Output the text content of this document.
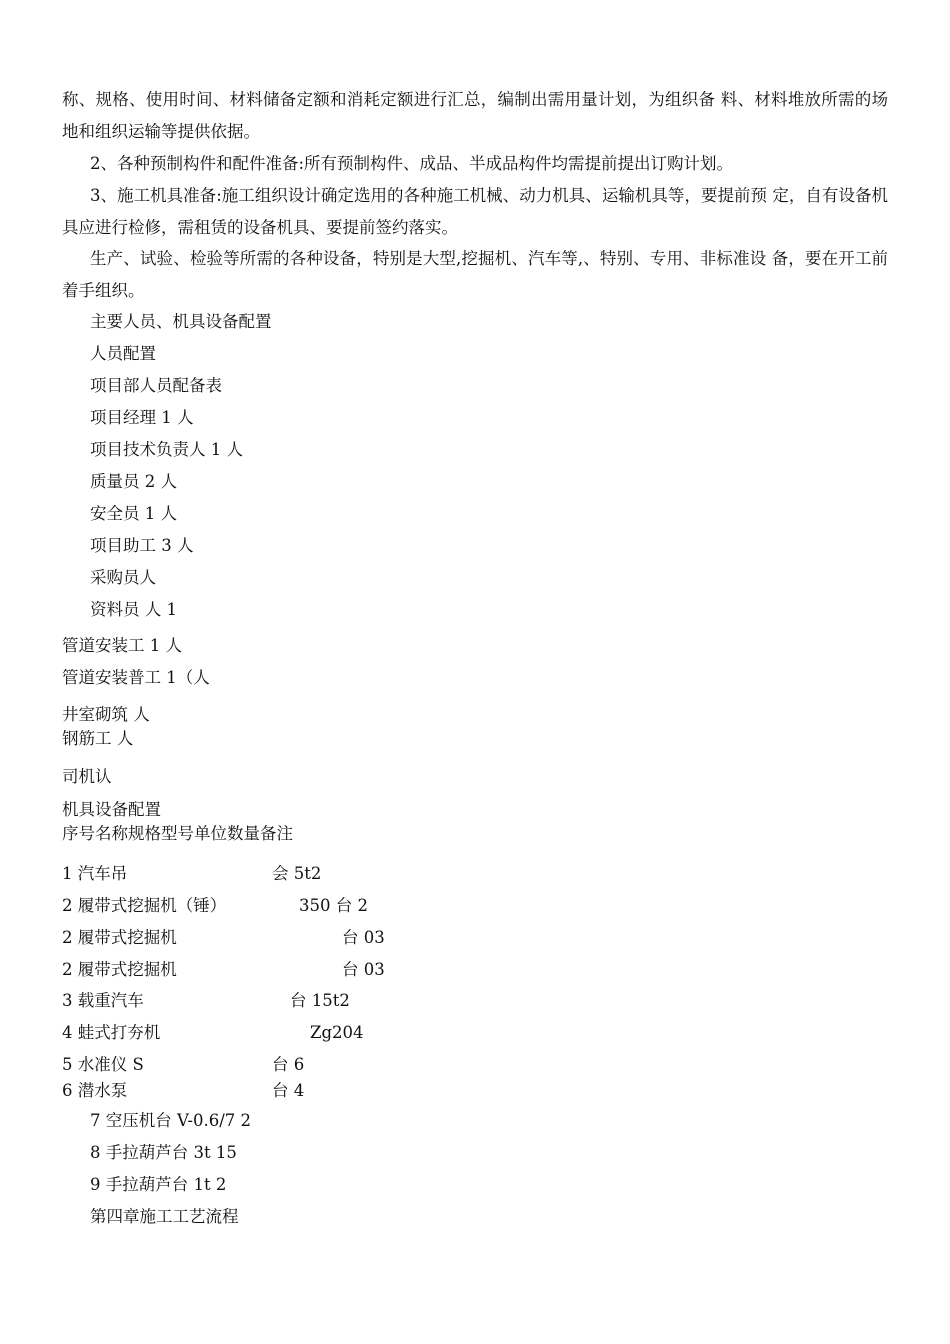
称、规格、使用时间、材料储备定额和消耗定额进行汇总，编制出需用量计划，为组织备 料、材料堆放所需的场地和组织运输等提供依据。
2、各种预制构件和配件准备:所有预制构件、成品、半成品构件均需提前提出订购计划。
3、施工机具准备:施工组织设计确定选用的各种施工机械、动力机具、运输机具等，要提前预 定，自有设备机具应进行检修，需租赁的设备机具、要提前签约落实。
生产、试验、检验等所需的各种设备，特别是大型,挖掘机、汽车等,、特别、专用、非标准设 备，要在开工前着手组织。
主要人员、机具设备配置
人员配置
项目部人员配备表
项目经理 1 人
项目技术负责人 1 人
质量员 2 人
安全员 1 人
项目助工 3 人
采购员人
资料员 人 1
管道安装工 1 人
管道安装普工 1（人
井室砌筑 人
钢筋工 人
司机认
机具设备配置
序号名称规格型号单位数量备注
1 汽车吊	会 5t2
2 履带式挖掘机（锤）	350 台 2
2 履带式挖掘机	台 03
2 履带式挖掘机	台 03
3 载重汽车	台 15t2
4 蛙式打夯机	Zg204
5 水准仪 S	台 6
6 潜水泵	台 4
7 空压机台 V-0.6/7 2
8 手拉葫芦台 3t 15
9 手拉葫芦台 1t 2
第四章施工工艺流程
